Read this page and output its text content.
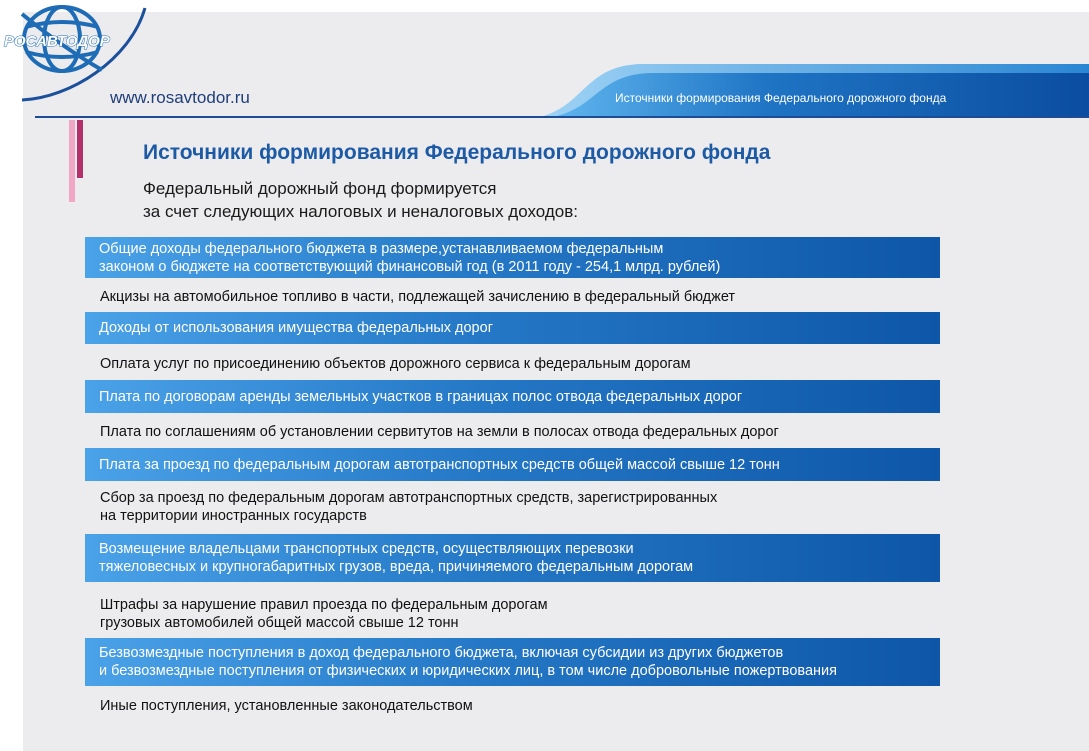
РОСАВТОДОР
www.rosavtodor.ru	Источники формирования Федерального дорожного фонда
Источники формирования Федерального дорожного фонда
Федеральный дорожный фонд формируется
за счет следующих налоговых и неналоговых доходов:
Общие доходы федерального бюджета в размере,устанавливаемом федеральным
законом о бюджете на соответствующий финансовый год (в 2011 году - 254,1 млрд. рублей)
Акцизы на автомобильное топливо в части, подлежащей зачислению в федеральный бюджет
Доходы от использования имущества федеральных дорог
Оплата услуг по присоединению объектов дорожного сервиса к федеральным дорогам
Плата по договорам аренды земельных участков в границах полос отвода федеральных дорог
Плата по соглашениям об установлении сервитутов на земли в полосах отвода федеральных дорог
Плата за проезд по федеральным дорогам автотранспортных средств общей массой свыше 12 тонн
Сбор за проезд по федеральным дорогам автотранспортных средств, зарегистрированных
на территории иностранных государств
Возмещение владельцами транспортных средств, осуществляющих перевозки
тяжеловесных и крупногабаритных грузов, вреда, причиняемого федеральным дорогам
Штрафы за нарушение правил проезда по федеральным дорогам
грузовых автомобилей общей массой свыше 12 тонн
Безвозмездные поступления в доход федерального бюджета, включая субсидии из других бюджетов
и безвозмездные поступления от физических и юридических лиц, в том числе добровольные пожертвования
Иные поступления, установленные законодательством
